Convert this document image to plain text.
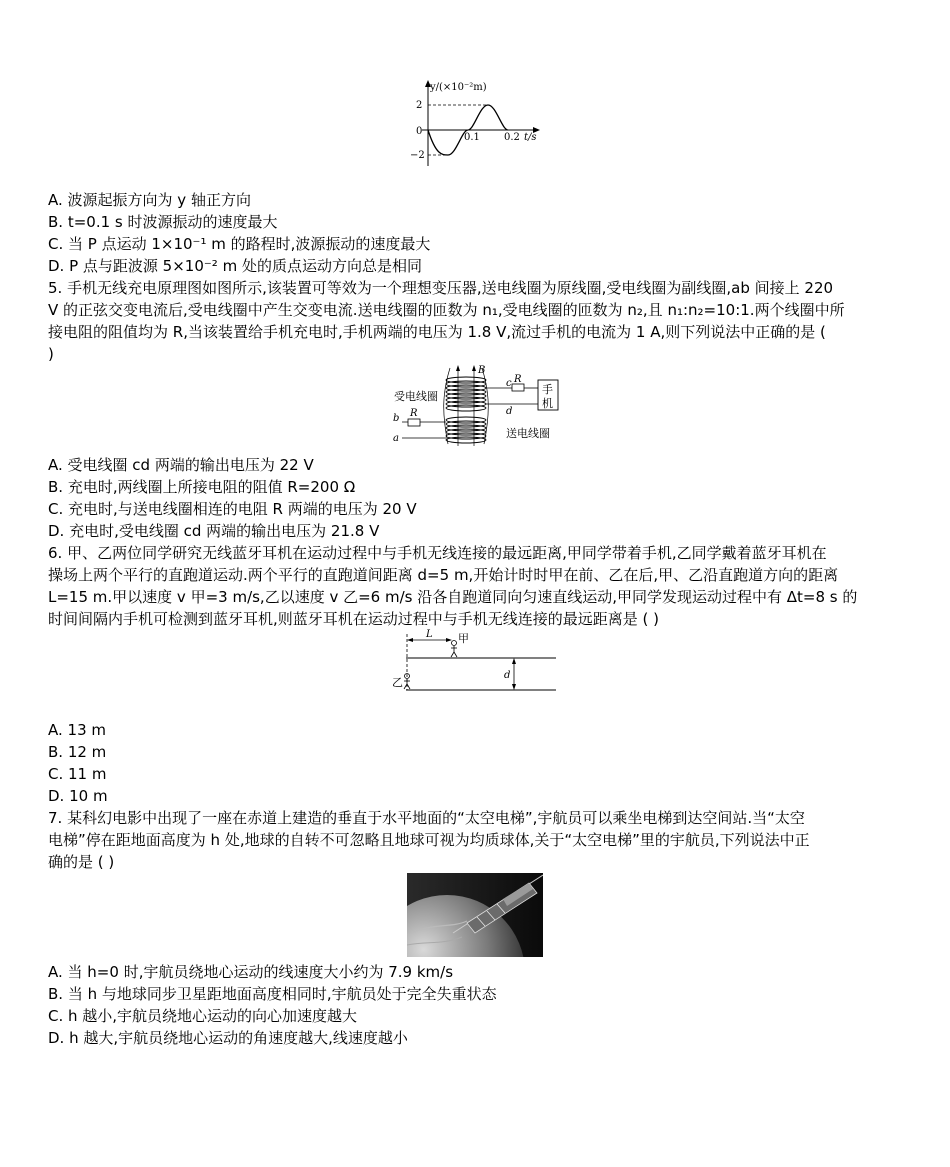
y/(×10⁻²m)
2
0
−2
0.1 0.2 t/s
A. 波源起振方向为 y 轴正方向
B. t=0.1 s 时波源振动的速度最大
C. 当 P 点运动 1×10⁻¹ m 的路程时,波源振动的速度最大
D. P 点与距波源 5×10⁻² m 处的质点运动方向总是相同
5. 手机无线充电原理图如图所示,该装置可等效为一个理想变压器,送电线圈为原线圈,受电线圈为副线圈,ab 间接上 220
V 的正弦交变电流后,受电线圈中产生交变电流.送电线圈的匝数为 n₁,受电线圈的匝数为 n₂,且 n₁:n₂=10:1.两个线圈中所
接电阻的阻值均为 R,当该装置给手机充电时,手机两端的电压为 1.8 V,流过手机的电流为 1 A,则下列说法中正确的是 (
)
受电线圈
送电线圈
B
手
机
c R
d
b R
a
A. 受电线圈 cd 两端的输出电压为 22 V
B. 充电时,两线圈上所接电阻的阻值 R=200 Ω
C. 充电时,与送电线圈相连的电阻 R 两端的电压为 20 V
D. 充电时,受电线圈 cd 两端的输出电压为 21.8 V
6. 甲、乙两位同学研究无线蓝牙耳机在运动过程中与手机无线连接的最远距离,甲同学带着手机,乙同学戴着蓝牙耳机在
操场上两个平行的直跑道运动.两个平行的直跑道间距离 d=5 m,开始计时时甲在前、乙在后,甲、乙沿直跑道方向的距离
L=15 m.甲以速度 v 甲=3 m/s,乙以速度 v 乙=6 m/s 沿各自跑道同向匀速直线运动,甲同学发现运动过程中有 Δt=8 s 的
时间间隔内手机可检测到蓝牙耳机,则蓝牙耳机在运动过程中与手机无线连接的最远距离是 ( )
L 甲
乙
d
A. 13 m
B. 12 m
C. 11 m
D. 10 m
7. 某科幻电影中出现了一座在赤道上建造的垂直于水平地面的“太空电梯”,宇航员可以乘坐电梯到达空间站.当“太空
电梯”停在距地面高度为 h 处,地球的自转不可忽略且地球可视为均质球体,关于“太空电梯”里的宇航员,下列说法中正
确的是 ( )
A. 当 h=0 时,宇航员绕地心运动的线速度大小约为 7.9 km/s
B. 当 h 与地球同步卫星距地面高度相同时,宇航员处于完全失重状态
C. h 越小,宇航员绕地心运动的向心加速度越大
D. h 越大,宇航员绕地心运动的角速度越大,线速度越小
